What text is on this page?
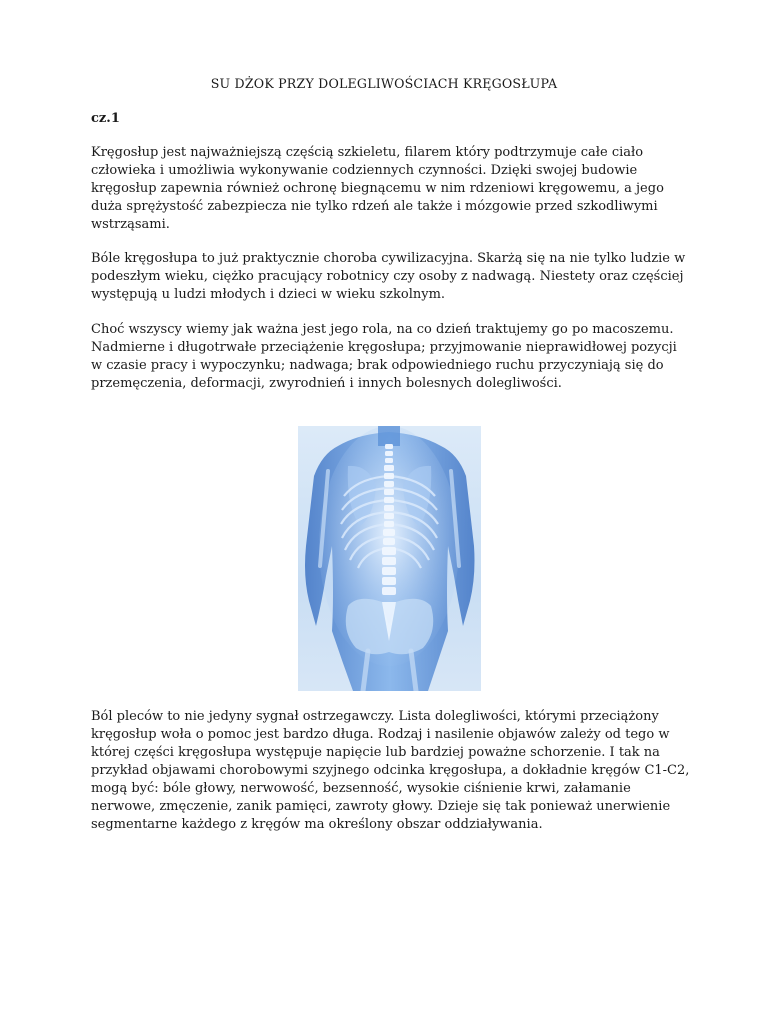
SU DŻOK PRZY DOLEGLIWOŚCIACH KRĘGOSŁUPA

cz.1

Kręgosłup jest najważniejszą częścią szkieletu, filarem który podtrzymuje całe ciało człowieka i umożliwia wykonywanie codziennych czynności. Dzięki swojej budowie kręgosłup zapewnia również ochronę biegnącemu w nim rdzeniowi kręgowemu, a jego duża sprężystość zabezpiecza nie tylko rdzeń ale także i mózgowie przed szkodliwymi wstrząsami.

Bóle kręgosłupa to już praktycznie choroba cywilizacyjna. Skarżą się na nie tylko ludzie w podeszłym wieku, ciężko pracujący robotnicy czy osoby z nadwagą. Niestety oraz częściej występują u ludzi młodych i dzieci w wieku szkolnym.

Choć wszyscy wiemy jak ważna jest jego rola, na co dzień traktujemy go po macoszemu. Nadmierne i długotrwałe przeciążenie kręgosłupa; przyjmowanie nieprawidłowej pozycji w czasie pracy i wypoczynku; nadwaga; brak odpowiedniego ruchu przyczyniają się do przemęczenia, deformacji, zwyrodnień i innych bolesnych dolegliwości.

Ból pleców to nie jedyny sygnał ostrzegawczy. Lista dolegliwości, którymi przeciążony kręgosłup woła o pomoc jest bardzo długa. Rodzaj i nasilenie objawów zależy od tego w której części kręgosłupa występuje napięcie lub bardziej poważne schorzenie. I tak na przykład objawami chorobowymi szyjnego odcinka kręgosłupa, a dokładnie kręgów C1-C2, mogą być: bóle głowy, nerwowość, bezsenność, wysokie ciśnienie krwi, załamanie nerwowe, zmęczenie, zanik pamięci, zawroty głowy. Dzieje się tak ponieważ unerwienie segmentarne każdego z kręgów ma określony obszar oddziaływania.
